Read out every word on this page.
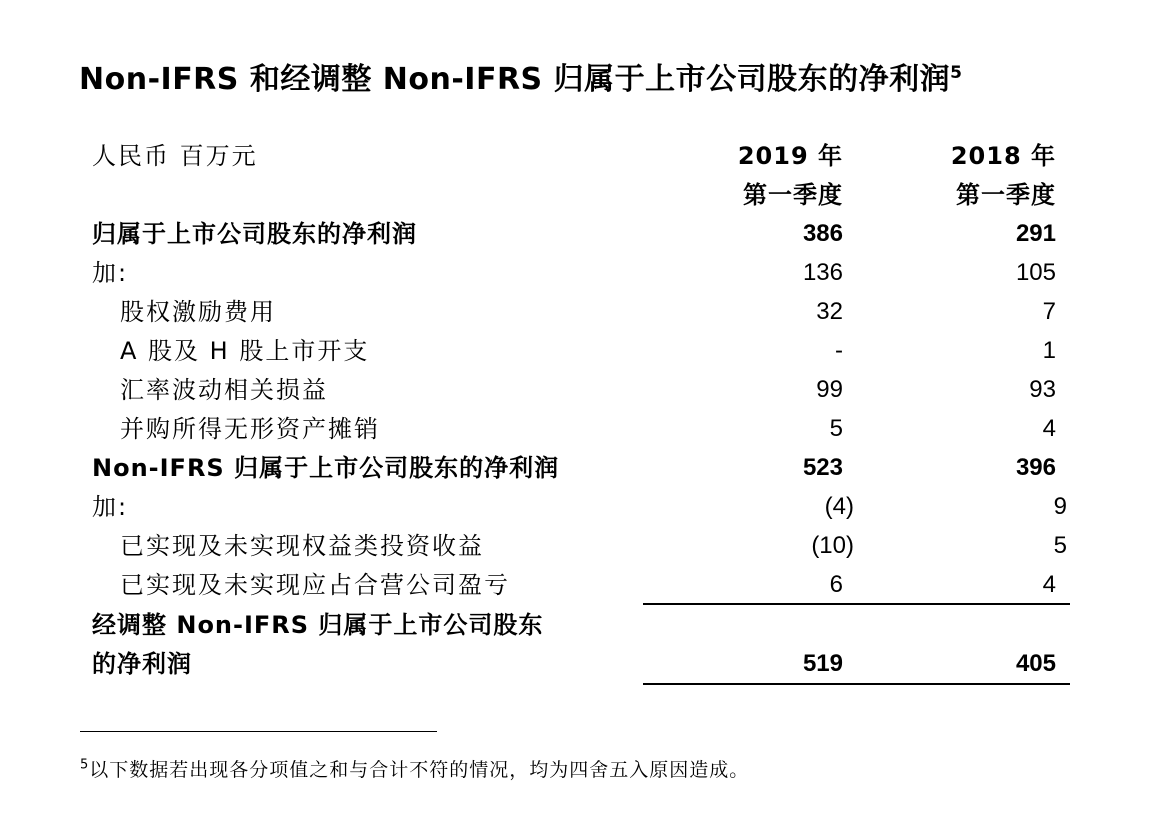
Non-IFRS 和经调整 Non-IFRS 归属于上市公司股东的净利润$^5$
人民币 百万元	2019 年	2018 年
第一季度	第一季度
归属于上市公司股东的净利润	386	291
加:	136	105
股权激励费用	32	7
A 股及 H 股上市开支	-	1
汇率波动相关损益	99	93
并购所得无形资产摊销	5	4
Non-IFRS 归属于上市公司股东的净利润	523	396
加:	(4)	9
已实现及未实现权益类投资收益	(10)	5
已实现及未实现应占合营公司盈亏	6	4
经调整 Non-IFRS 归属于上市公司股东
的净利润	519	405
$^5$以下数据若出现各分项值之和与合计不符的情况，均为四舍五入原因造成。
